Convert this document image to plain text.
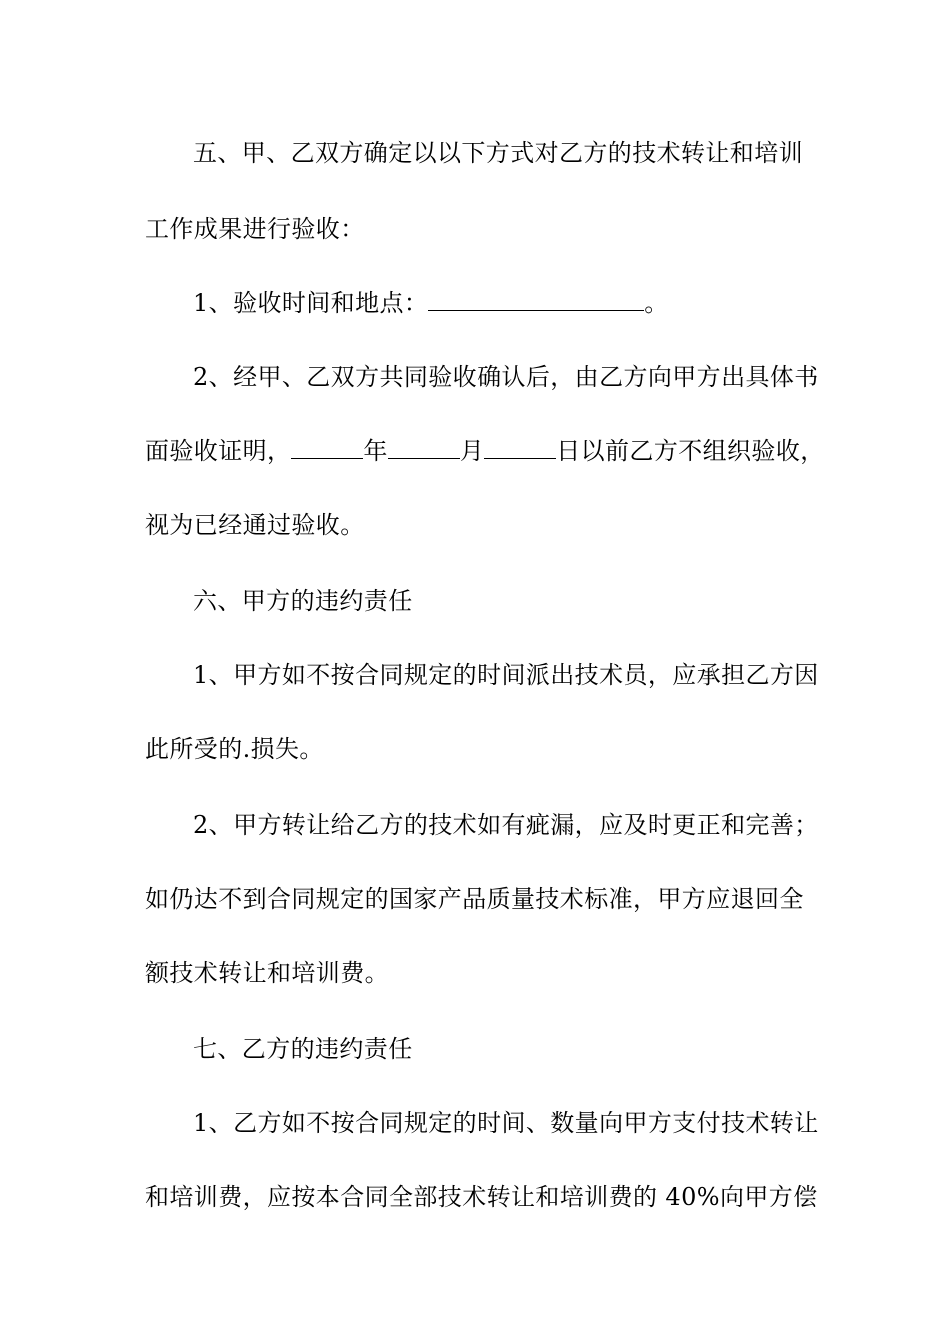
五、甲、乙双方确定以以下方式对乙方的技术转让和培训
工作成果进行验收：
1、验收时间和地点：	。
2、经甲、乙双方共同验收确认后，由乙方向甲方出具体书
面验收证明，	年	月	日以前乙方不组织验收，
视为已经通过验收。
六、甲方的违约责任
1、甲方如不按合同规定的时间派出技术员，应承担乙方因
此所受的.损失。
2、甲方转让给乙方的技术如有疵漏，应及时更正和完善；
如仍达不到合同规定的国家产品质量技术标准，甲方应退回全
额技术转让和培训费。
七、乙方的违约责任
1、乙方如不按合同规定的时间、数量向甲方支付技术转让
和培训费，应按本合同全部技术转让和培训费的 40%向甲方偿
